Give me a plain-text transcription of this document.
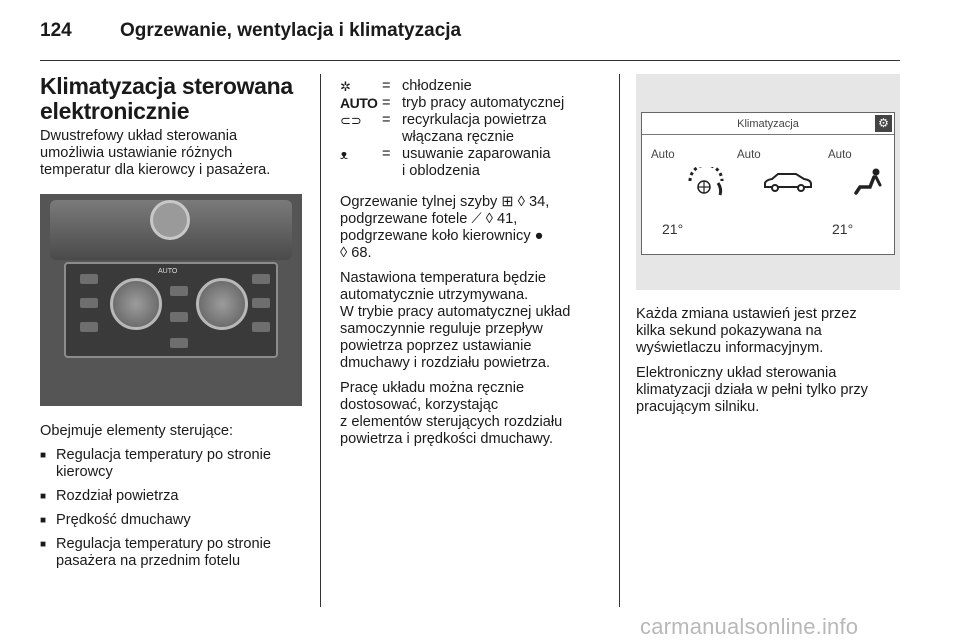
124	Ogrzewanie, wentylacja i klimatyzacja
Klimatyzacja sterowana
elektronicznie
Dwustrefowy układ sterowania
umożliwia ustawianie różnych
temperatur dla kierowcy i pasażera.
AUTO
Obejmuje elementy sterujące:
■ Regulacja temperatury po stronie
kierowcy
■ Rozdział powietrza
■ Prędkość dmuchawy
■ Regulacja temperatury po stronie
pasażera na przednim fotelu
✲	= chłodzenie
AUTO = tryb pracy automatycznej
⊂⊃	= recyrkulacja powietrza
włączana ręcznie
ᴥ	= usuwanie zaparowania
i oblodzenia
Ogrzewanie tylnej szyby ⊞ ◊ 34,
podgrzewane fotele ⟋ ◊ 41,
podgrzewane koło kierownicy ●
◊ 68.
Nastawiona temperatura będzie
automatycznie utrzymywana.
W trybie pracy automatycznej układ
samoczynnie reguluje przepływ
powietrza poprzez ustawianie
dmuchawy i rozdziału powietrza.
Pracę układu można ręcznie
dostosować, korzystając
z elementów sterujących rozdziału
powietrza i prędkości dmuchawy.
Klimatyzacja	⚙
Auto	Auto	Auto
21°	21°
Każda zmiana ustawień jest przez
kilka sekund pokazywana na
wyświetlaczu informacyjnym.
Elektroniczny układ sterowania
klimatyzacji działa w pełni tylko przy
pracującym silniku.
carmanualsonline.info
